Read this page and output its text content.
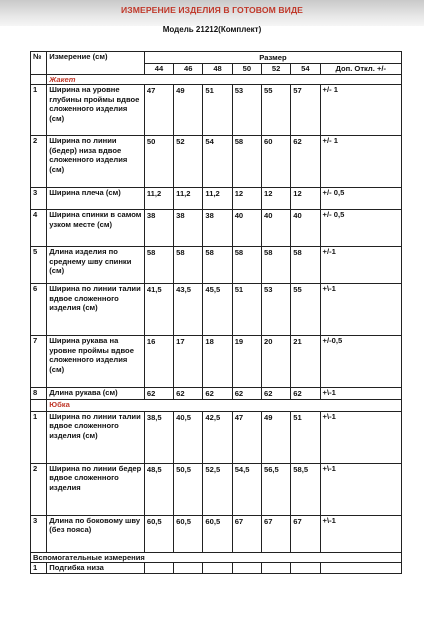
ИЗМЕРЕНИЕ ИЗДЕЛИЯ В ГОТОВОМ ВИДЕ
Модель 21212(Комплект)
№	Измерение (см)	Размер						
		44	46	48	50	52	54	Доп. Откл. +/-
	Жакет							
1	Ширина на уровне глубины проймы вдвое сложенного изделия (см)	47	49	51	53	55	57	+/- 1
2	Ширина по линии (бедер) низа вдвое сложенного изделия (см)	50	52	54	58	60	62	+/- 1
3	Ширина плеча (см)	11,2	11,2	11,2	12	12	12	+/- 0,5
4	Ширина спинки в самом узком месте (см)	38	38	38	40	40	40	+/- 0,5
5	Длина изделия по среднему шву спинки (см)	58	58	58	58	58	58	+/-1
6	Ширина по линии талии вдвое сложенного изделия (см)	41,5	43,5	45,5	51	53	55	+\-1
7	Ширина рукава на уровне проймы вдвое сложенного изделия (см)	16	17	18	19	20	21	+/-0,5
8	Длина рукава (см)	62	62	62	62	62	62	+\-1
	Юбка							
1	Ширина по линии талии вдвое сложенного изделия (см)	38,5	40,5	42,5	47	49	51	+\-1
2	Ширина по линии бедер вдвое сложенного изделия	48,5	50,5	52,5	54,5	56,5	58,5	+\-1
3	Длина по боковому шву (без пояса)	60,5	60,5	60,5	67	67	67	+\-1
Вспомогательные измерения								
1	Подгибка низа							
